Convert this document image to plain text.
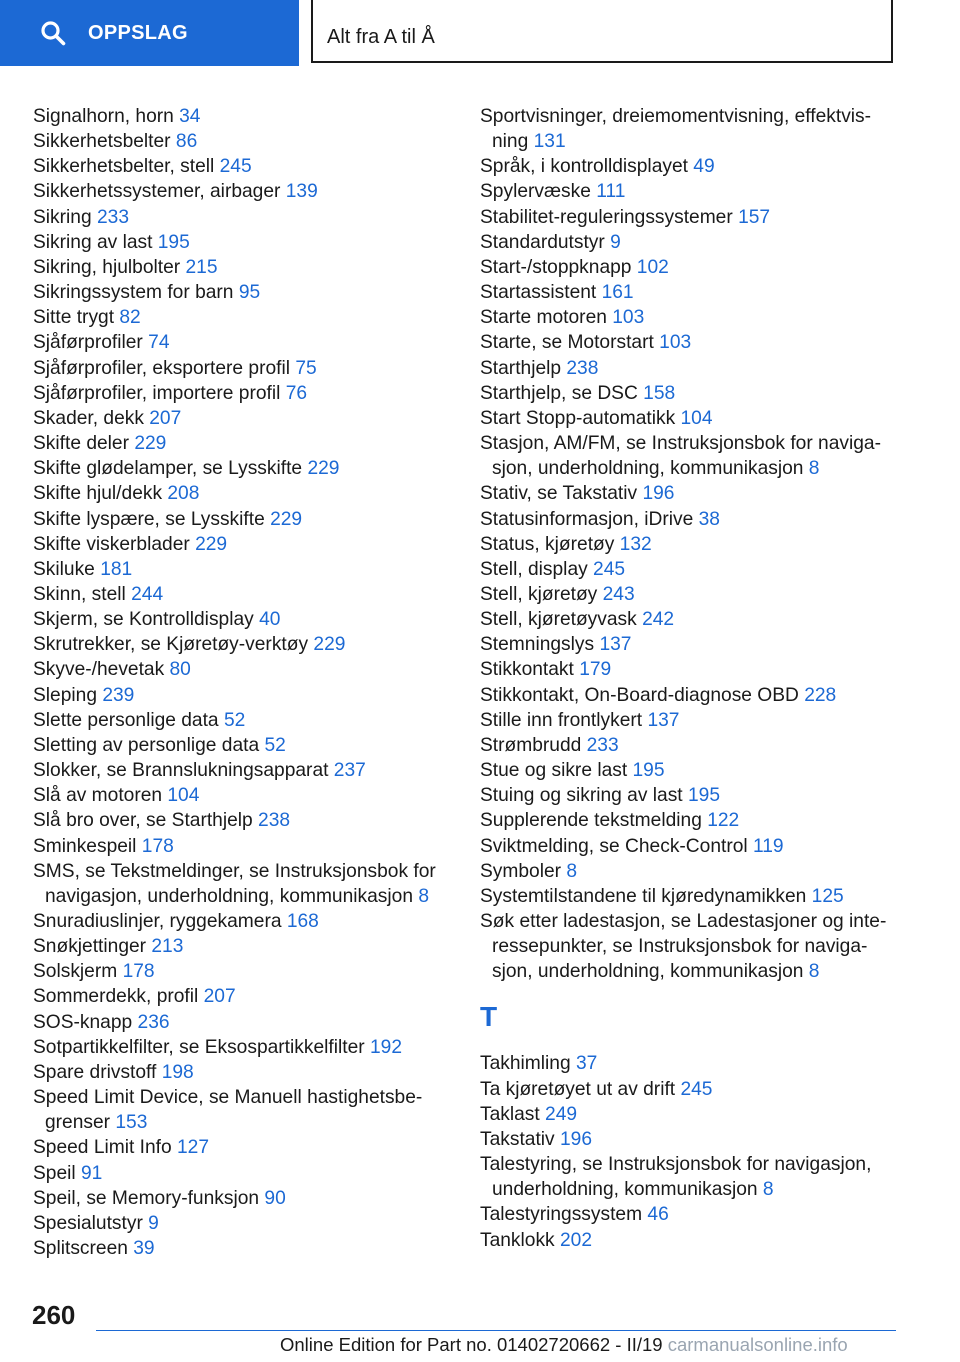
OPPSLAG	Alt fra A til Å
Signalhorn, horn 34
Sikkerhetsbelter 86
Sikkerhetsbelter, stell 245
Sikkerhetssystemer, airbager 139
Sikring 233
Sikring av last 195
Sikring, hjulbolter 215
Sikringssystem for barn 95
Sitte trygt 82
Sjåførprofiler 74
Sjåførprofiler, eksportere profil 75
Sjåførprofiler, importere profil 76
Skader, dekk 207
Skifte deler 229
Skifte glødelamper, se Lysskifte 229
Skifte hjul/dekk 208
Skifte lyspære, se Lysskifte 229
Skifte viskerblader 229
Skiluke 181
Skinn, stell 244
Skjerm, se Kontrolldisplay 40
Skrutrekker, se Kjøretøy-verktøy 229
Skyve-/hevetak 80
Sleping 239
Slette personlige data 52
Sletting av personlige data 52
Slokker, se Brannslukningsapparat 237
Slå av motoren 104
Slå bro over, se Starthjelp 238
Sminkespeil 178
SMS, se Tekstmeldinger, se Instruksjonsbok for
navigasjon, underholdning, kommunikasjon 8
Snuradiuslinjer, ryggekamera 168
Snøkjettinger 213
Solskjerm 178
Sommerdekk, profil 207
SOS-knapp 236
Sotpartikkelfilter, se Eksospartikkelfilter 192
Spare drivstoff 198
Speed Limit Device, se Manuell hastighetsbe-
grenser 153
Speed Limit Info 127
Speil 91
Speil, se Memory-funksjon 90
Spesialutstyr 9
Splitscreen 39
Sportvisninger, dreiemomentvisning, effektvis-
ning 131
Språk, i kontrolldisplayet 49
Spylervæske 111
Stabilitet-reguleringssystemer 157
Standardutstyr 9
Start-/stoppknapp 102
Startassistent 161
Starte motoren 103
Starte, se Motorstart 103
Starthjelp 238
Starthjelp, se DSC 158
Start Stopp-automatikk 104
Stasjon, AM/FM, se Instruksjonsbok for naviga-
sjon, underholdning, kommunikasjon 8
Stativ, se Takstativ 196
Statusinformasjon, iDrive 38
Status, kjøretøy 132
Stell, display 245
Stell, kjøretøy 243
Stell, kjøretøyvask 242
Stemningslys 137
Stikkontakt 179
Stikkontakt, On-Board-diagnose OBD 228
Stille inn frontlykert 137
Strømbrudd 233
Stue og sikre last 195
Stuing og sikring av last 195
Supplerende tekstmelding 122
Sviktmelding, se Check-Control 119
Symboler 8
Systemtilstandene til kjøredynamikken 125
Søk etter ladestasjon, se Ladestasjoner og inte-
ressepunkter, se Instruksjonsbok for naviga-
sjon, underholdning, kommunikasjon 8
T
Takhimling 37
Ta kjøretøyet ut av drift 245
Taklast 249
Takstativ 196
Talestyring, se Instruksjonsbok for navigasjon,
underholdning, kommunikasjon 8
Talestyringssystem 46
Tanklokk 202
260
Online Edition for Part no. 01402720662 - II/19 carmanualsonline.info
